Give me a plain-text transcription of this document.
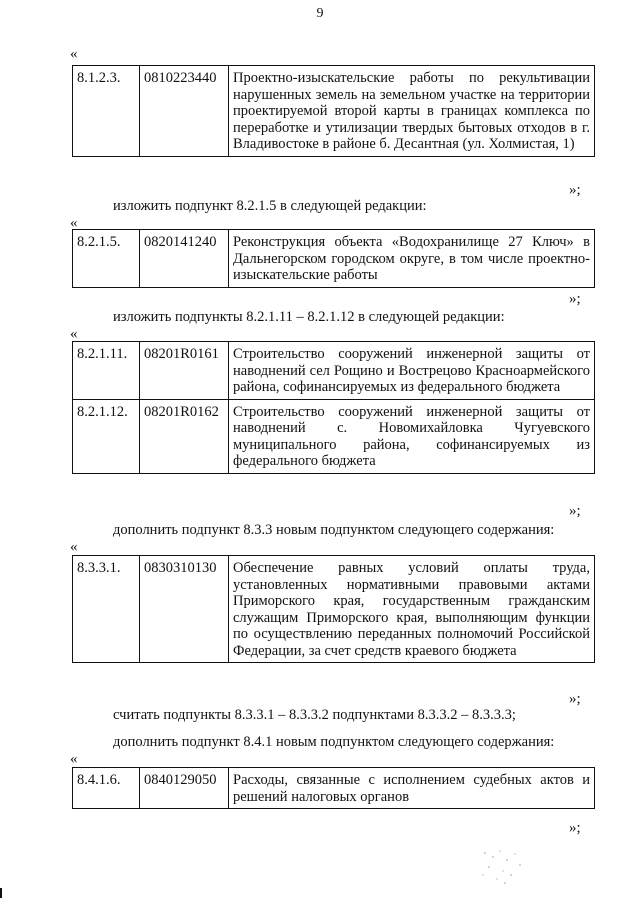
9
«
8.1.2.3.	0810223440	Проектно-изыскательские работы по рекультивации нарушенных земель на земельном участке на территории проектируемой второй карты в границах комплекса по переработке и утилизации твердых бытовых отходов в г. Владивостоке в районе б. Десантная (ул. Холмистая, 1)
»;
изложить подпункт 8.2.1.5 в следующей редакции:
«
8.2.1.5.	0820141240	Реконструкция объекта «Водохранилище 27 Ключ» в Дальнегорском городском округе, в том числе проектно-изыскательские работы
»;
изложить подпункты 8.2.1.11 – 8.2.1.12 в следующей редакции:
«
8.2.1.11.	08201R0161	Строительство сооружений инженерной защиты от наводнений сел Рощино и Вострецово Красноармейского района, софинансируемых из федерального бюджета
8.2.1.12.	08201R0162	Строительство сооружений инженерной защиты от наводнений с. Новомихайловка Чугуевского муниципального района, софинансируемых из федерального бюджета
»;
дополнить подпункт 8.3.3 новым подпунктом следующего содержания:
«
8.3.3.1.	0830310130	Обеспечение равных условий оплаты труда, установленных нормативными правовыми актами Приморского края, государственным гражданским служащим Приморского края, выполняющим функции по осуществлению переданных полномочий Российской Федерации, за счет средств краевого бюджета
»;
считать подпункты 8.3.3.1 – 8.3.3.2 подпунктами 8.3.3.2 – 8.3.3.3;
дополнить подпункт 8.4.1 новым подпунктом следующего содержания:
«
8.4.1.6.	0840129050	Расходы, связанные с исполнением судебных актов и решений налоговых органов
»;
